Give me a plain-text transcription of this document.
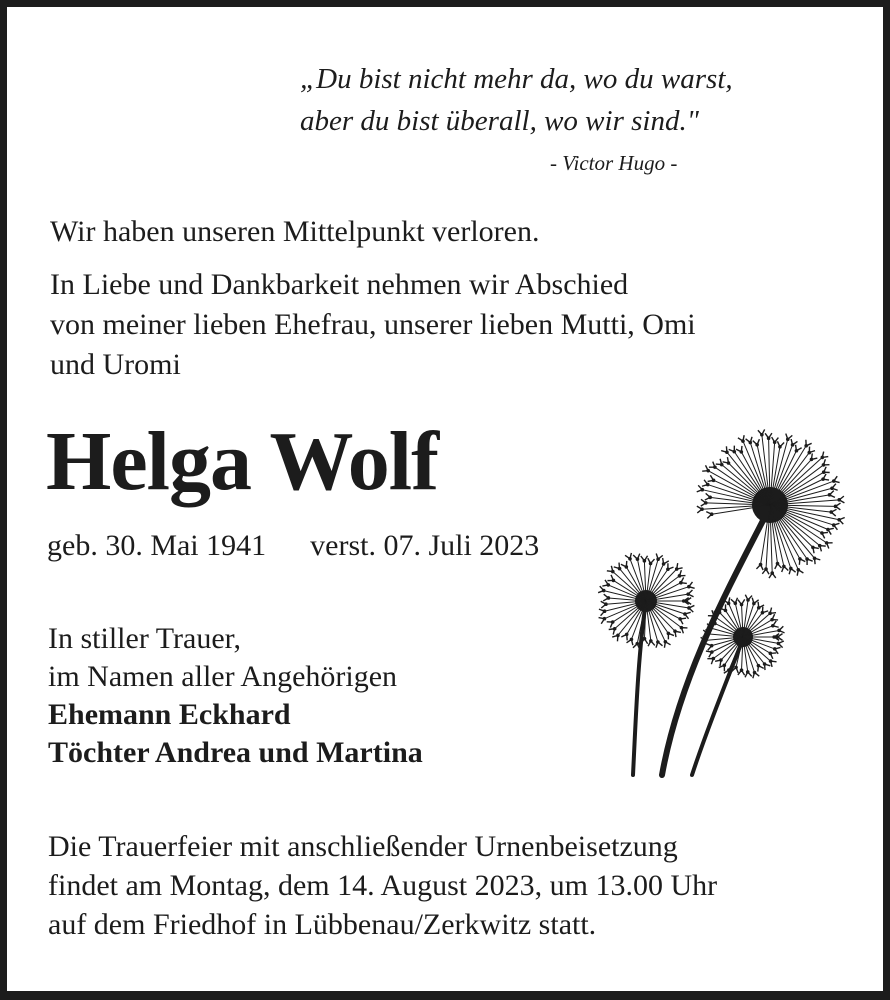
„Du bist nicht mehr da, wo du warst,
aber du bist überall, wo wir sind."
- Victor Hugo -
Wir haben unseren Mittelpunkt verloren.
In Liebe und Dankbarkeit nehmen wir Abschied
von meiner lieben Ehefrau, unserer lieben Mutti, Omi
und Uromi
Helga Wolf
geb. 30. Mai 1941 verst. 07. Juli 2023
In stiller Trauer,
im Namen aller Angehörigen
Ehemann Eckhard
Töchter Andrea und Martina
Die Trauerfeier mit anschließender Urnenbeisetzung
findet am Montag, dem 14. August 2023, um 13.00 Uhr
auf dem Friedhof in Lübbenau/Zerkwitz statt.
